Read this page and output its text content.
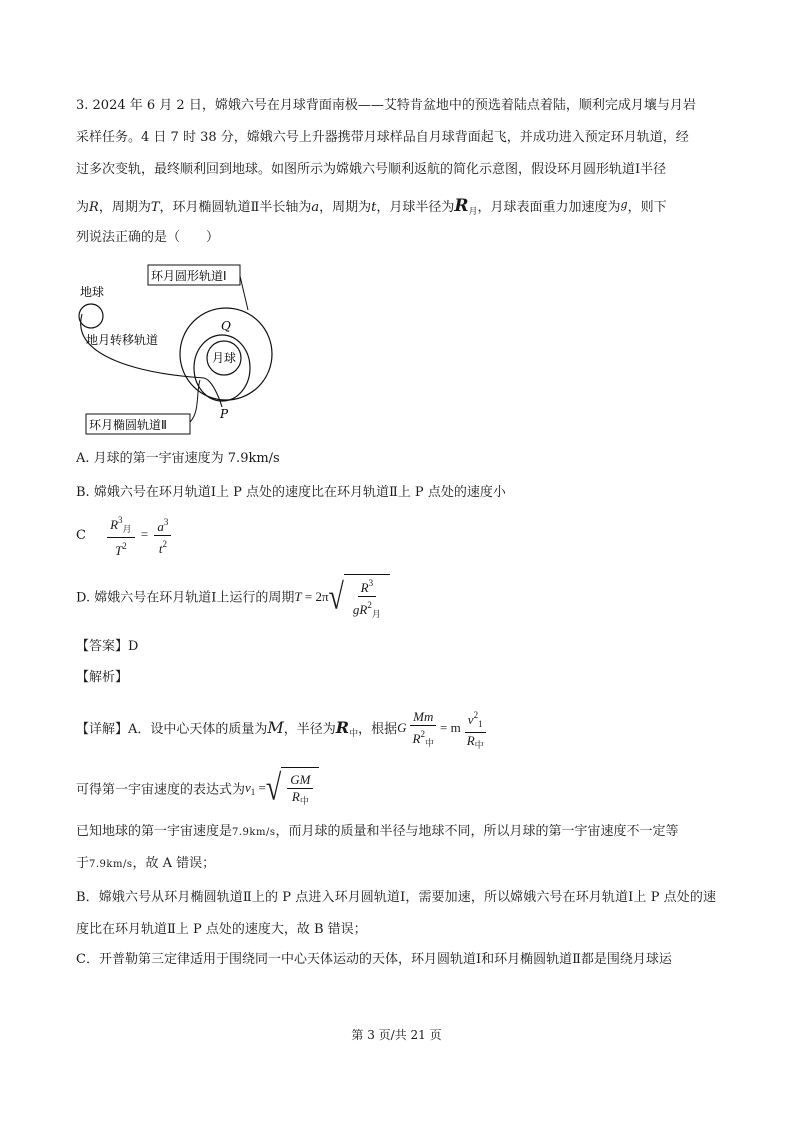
3. 2024 年 6 月 2 日，嫦娥六号在月球背面南极——艾特肯盆地中的预选着陆点着陆，顺利完成月壤与月岩
采样任务。4 日 7 时 38 分，嫦娥六号上升器携带月球样品自月球背面起飞，并成功进入预定环月轨道，经
过多次变轨，最终顺利回到地球。如图所示为嫦娥六号顺利返航的简化示意图，假设环月圆形轨道Ⅰ半径
为R，周期为T，环月椭圆轨道Ⅱ半长轴为a，周期为t，月球半径为$R_月$，月球表面重力加速度为$^g$，则下
列说法正确的是（　　）
地球
地月转移轨道
月球
环月圆形轨道Ⅰ
Q
P
环月椭圆轨道Ⅱ
A. 月球的第一宇宙速度为 7.9km/s
B. 嫦娥六号在环月轨道Ⅰ上 P 点处的速度比在环月轨道Ⅱ上 P 点处的速度小
C $\frac{R^3_月}{T^2} = \frac{a^3}{t^2}$
D. 嫦娥六号在环月轨道Ⅰ上运行的周期T = 2π √ $\frac{R^3}{gR^2_月}$
【答案】D
【解析】
【详解】A．设中心天体的质量为M，半径为$R_中$，根据G $\frac{Mm}{R^2_中} = m \frac{v^2_1}{R_中}$
可得第一宇宙速度的表达式为$v_1$ = √ $\frac{GM}{R_中}$
已知地球的第一宇宙速度是7.9km/s，而月球的质量和半径与地球不同，所以月球的第一宇宙速度不一定等
于7.9km/s，故 A 错误；
B．嫦娥六号从环月椭圆轨道Ⅱ上的 P 点进入环月圆轨道Ⅰ，需要加速，所以嫦娥六号在环月轨道Ⅰ上 P 点处的速度比在环月轨道Ⅱ上 P 点处的速度大，故 B 错误；
C．开普勒第三定律适用于围绕同一中心天体运动的天体，环月圆轨道Ⅰ和环月椭圆轨道Ⅱ都是围绕月球运
第 3 页/共 21 页
